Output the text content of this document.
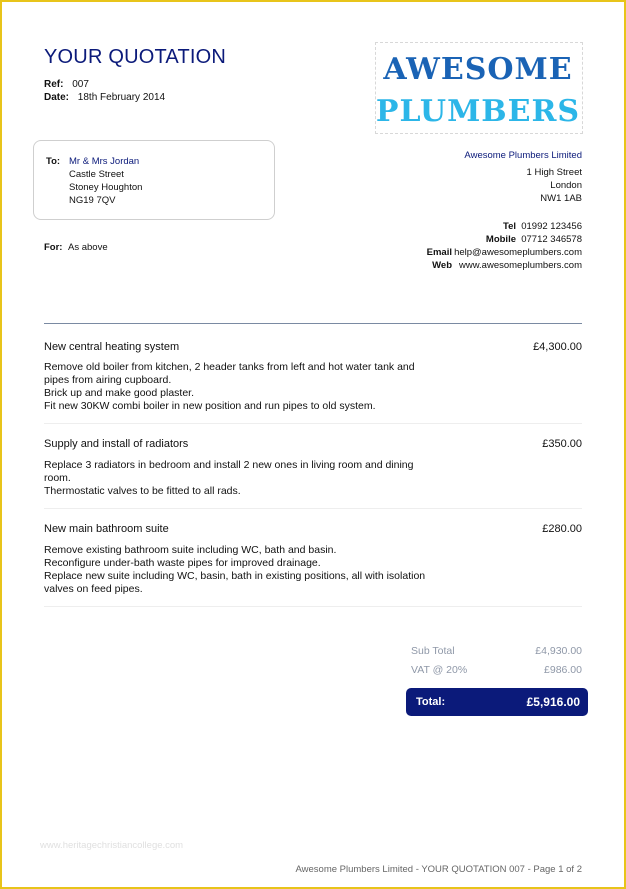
YOUR QUOTATION
Ref: 007
Date: 18th February 2014
AWESOME
PLUMBERS
To: Mr & Mrs Jordan
Castle Street
Stoney Houghton
NG19 7QV
For: As above
Awesome Plumbers Limited
1 High Street
London
NW1 1AB
Tel 01992 123456
Mobile 07712 346578
Email help@awesomeplumbers.com
Web www.awesomeplumbers.com
New central heating system	£4,300.00
Remove old boiler from kitchen, 2 header tanks from left and hot water tank and
pipes from airing cupboard.
Brick up and make good plaster.
Fit new 30KW combi boiler in new position and run pipes to old system.
Supply and install of radiators	£350.00
Replace 3 radiators in bedroom and install 2 new ones in living room and dining
room.
Thermostatic valves to be fitted to all rads.
New main bathroom suite	£280.00
Remove existing bathroom suite including WC, bath and basin.
Reconfigure under-bath waste pipes for improved drainage.
Replace new suite including WC, basin, bath in existing positions, all with isolation
valves on feed pipes.
Sub Total	£4,930.00
VAT @ 20%	£986.00
Total:	£5,916.00
www.heritagechristiancollege.com
Awesome Plumbers Limited - YOUR QUOTATION 007 - Page 1 of 2
